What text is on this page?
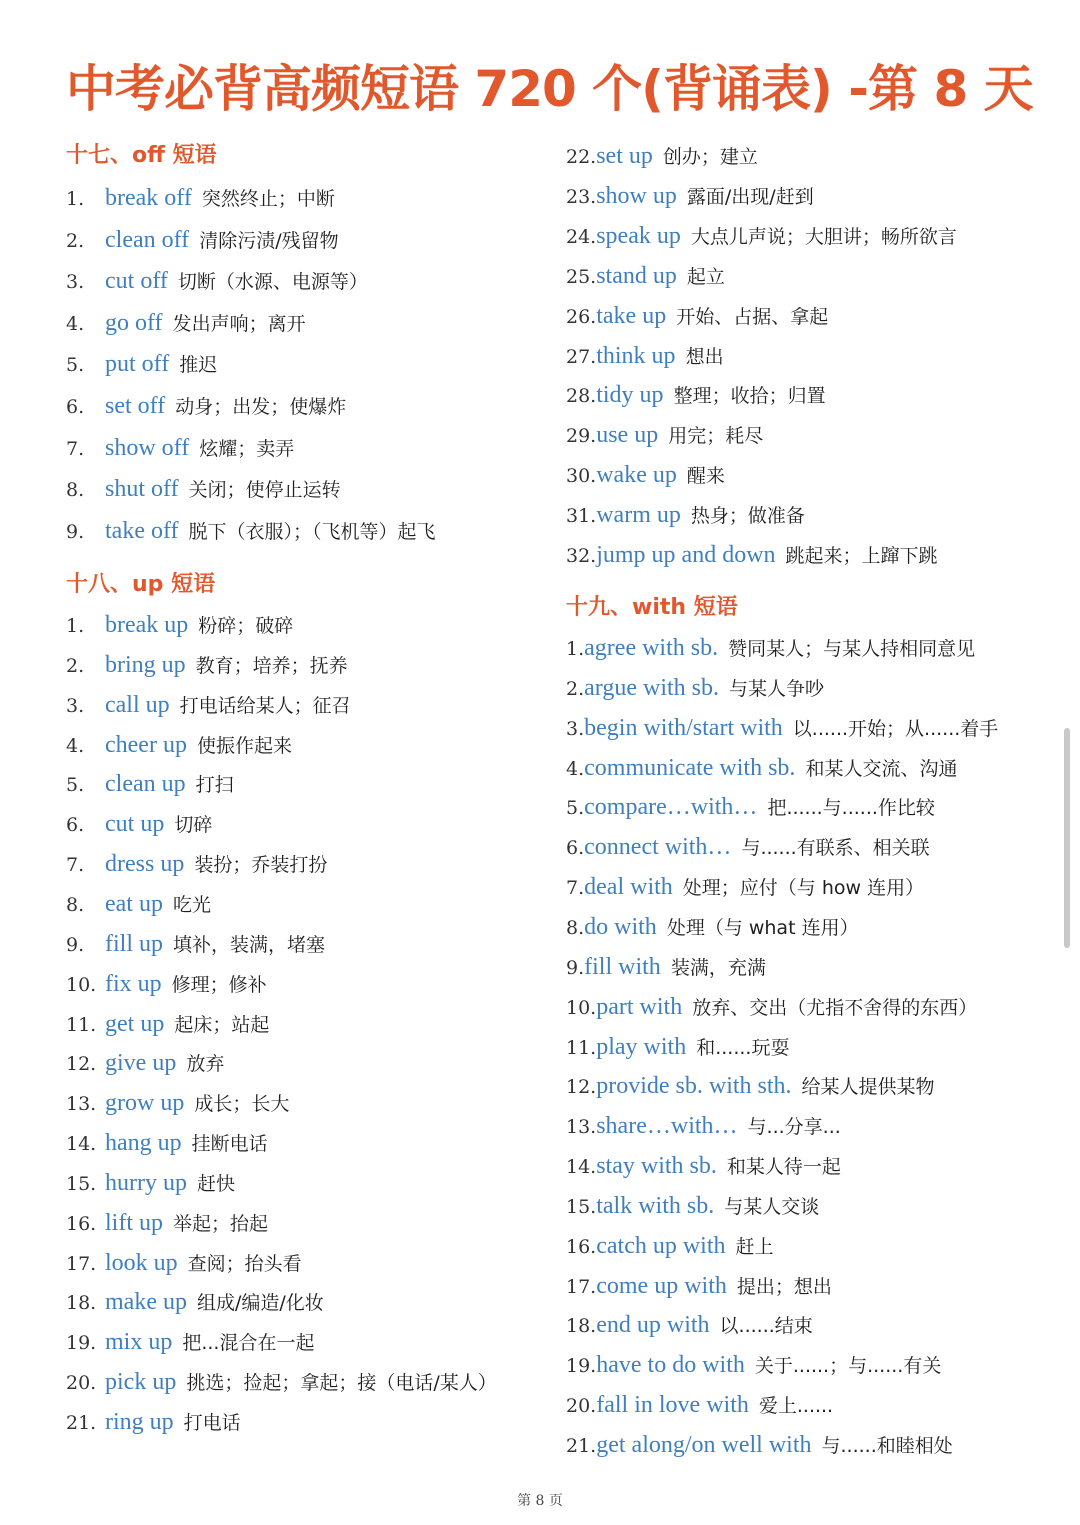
中考必背高频短语 720 个(背诵表) -第 8 天
十七、off 短语
1. break off 突然终止；中断
2. clean off 清除污渍/残留物
3. cut off 切断（水源、电源等）
4. go off 发出声响；离开
5. put off 推迟
6. set off 动身；出发；使爆炸
7. show off 炫耀；卖弄
8. shut off 关闭；使停止运转
9. take off 脱下（衣服）；（飞机等）起飞
十八、up 短语
1. break up 粉碎；破碎
2. bring up 教育；培养；抚养
3. call up 打电话给某人；征召
4. cheer up 使振作起来
5. clean up 打扫
6. cut up 切碎
7. dress up 装扮；乔装打扮
8. eat up 吃光
9. fill up 填补，装满，堵塞
10. fix up 修理；修补
11. get up 起床；站起
12. give up 放弃
13. grow up 成长；长大
14. hang up 挂断电话
15. hurry up 赶快
16. lift up 举起；抬起
17. look up 查阅；抬头看
18. make up 组成/编造/化妆
19. mix up 把...混合在一起
20. pick up 挑选；捡起；拿起；接（电话/某人）
21. ring up 打电话
22.set up 创办；建立
23.show up 露面/出现/赶到
24.speak up 大点儿声说；大胆讲；畅所欲言
25.stand up 起立
26.take up 开始、占据、拿起
27.think up 想出
28.tidy up 整理；收拾；归置
29.use up 用完；耗尽
30.wake up 醒来
31.warm up 热身；做准备
32.jump up and down 跳起来；上蹿下跳
十九、with 短语
1.agree with sb. 赞同某人；与某人持相同意见
2.argue with sb. 与某人争吵
3.begin with/start with 以......开始；从......着手
4.communicate with sb. 和某人交流、沟通
5.compare…with… 把......与......作比较
6.connect with… 与......有联系、相关联
7.deal with 处理；应付（与 how 连用）
8.do with 处理（与 what 连用）
9.fill with 装满，充满
10.part with 放弃、交出（尤指不舍得的东西）
11.play with 和......玩耍
12.provide sb. with sth. 给某人提供某物
13.share…with… 与...分享...
14.stay with sb. 和某人待一起
15.talk with sb. 与某人交谈
16.catch up with 赶上
17.come up with 提出；想出
18.end up with 以......结束
19.have to do with 关于......；与......有关
20.fall in love with 爱上......
21.get along/on well with 与......和睦相处
第 8 页
